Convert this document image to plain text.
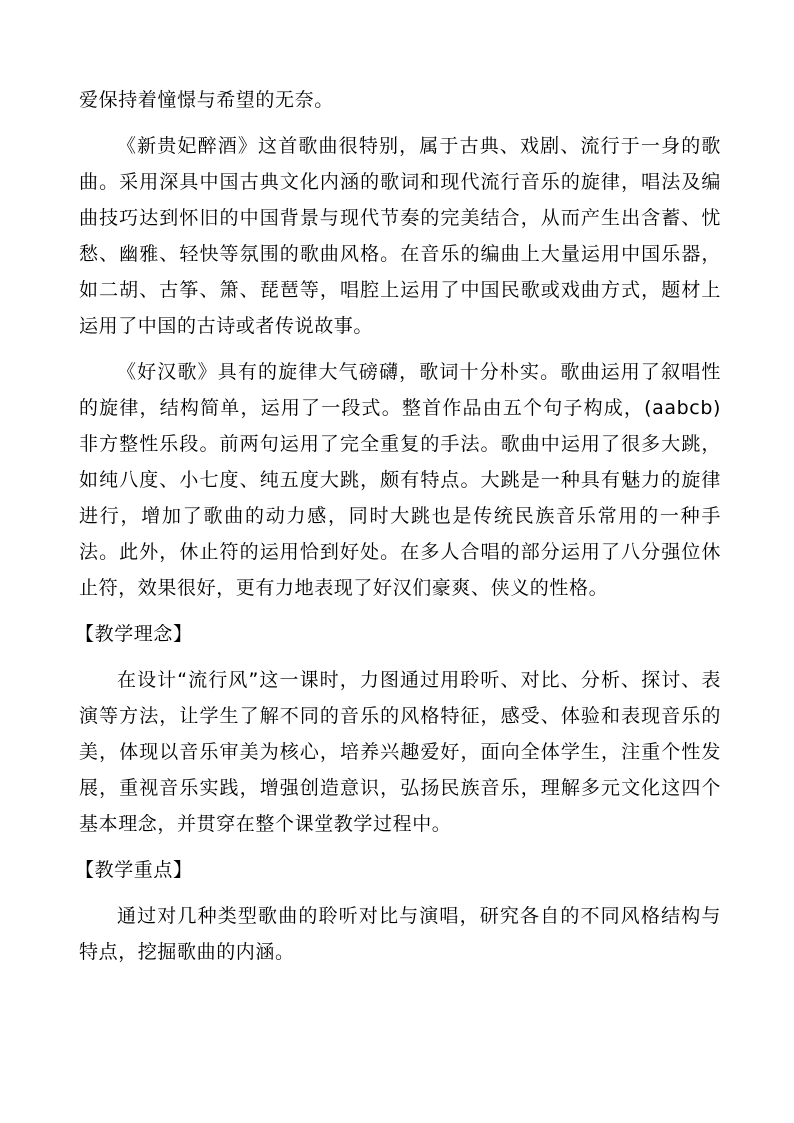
爱保持着憧憬与希望的无奈。

《新贵妃醉酒》这首歌曲很特别，属于古典、戏剧、流行于一身的歌曲。采用深具中国古典文化内涵的歌词和现代流行音乐的旋律，唱法及编曲技巧达到怀旧的中国背景与现代节奏的完美结合，从而产生出含蓄、忧愁、幽雅、轻快等氛围的歌曲风格。在音乐的编曲上大量运用中国乐器，如二胡、古筝、箫、琵琶等，唱腔上运用了中国民歌或戏曲方式，题材上运用了中国的古诗或者传说故事。

《好汉歌》具有的旋律大气磅礴，歌词十分朴实。歌曲运用了叙唱性的旋律，结构简单，运用了一段式。整首作品由五个句子构成，(aabcb)非方整性乐段。前两句运用了完全重复的手法。歌曲中运用了很多大跳，如纯八度、小七度、纯五度大跳，颇有特点。大跳是一种具有魅力的旋律进行，增加了歌曲的动力感，同时大跳也是传统民族音乐常用的一种手法。此外，休止符的运用恰到好处。在多人合唱的部分运用了八分强位休止符，效果很好，更有力地表现了好汉们豪爽、侠义的性格。

【教学理念】

在设计“流行风”这一课时，力图通过用聆听、对比、分析、探讨、表演等方法，让学生了解不同的音乐的风格特征，感受、体验和表现音乐的美，体现以音乐审美为核心，培养兴趣爱好，面向全体学生，注重个性发展，重视音乐实践，增强创造意识，弘扬民族音乐，理解多元文化这四个基本理念，并贯穿在整个课堂教学过程中。

【教学重点】

通过对几种类型歌曲的聆听对比与演唱，研究各自的不同风格结构与特点，挖掘歌曲的内涵。
